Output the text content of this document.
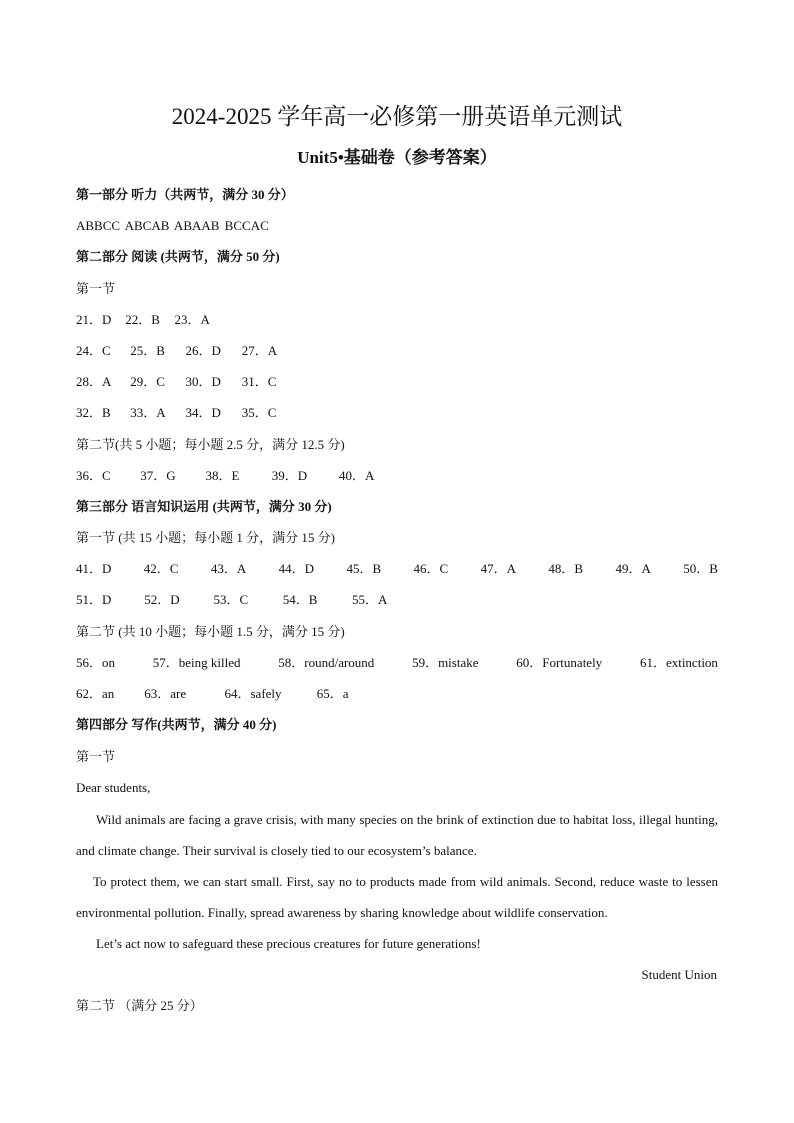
2024-2025 学年高一必修第一册英语单元测试
Unit5•基础卷（参考答案）
第一部分 听力（共两节，满分 30 分）
ABBCC ABCAB ABAAB BCCAC
第二部分 阅读 (共两节，满分 50 分)
第一节
21．D 22．B 23．A
24．C 25．B 26．D 27．A
28．A 29．C 30．D 31．C
32．B 33．A 34．D 35．C
第二节(共 5 小题；每小题 2.5 分，满分 12.5 分)
36．C 37．G 38．E 39．D 40．A
第三部分 语言知识运用 (共两节，满分 30 分)
第一节 (共 15 小题；每小题 1 分，满分 15 分)
41．D 42．C 43．A 44．D 45．B 46．C 47．A 48．B 49．A 50．B
51．D	52．D	53．C	54．B	55．A
第二节 (共 10 小题；每小题 1.5 分，满分 15 分)
56．on	57．being killed	58．round/around	59．mistake	60．Fortunately	61．extinction
62．an 63．are	64．safely	65．a
第四部分 写作(共两节，满分 40 分)
第一节
Dear students,
Wild animals are facing a grave crisis, with many species on the brink of extinction due to habitat loss, illegal hunting, and climate change. Their survival is closely tied to our ecosystem’s balance.
To protect them, we can start small. First, say no to products made from wild animals. Second, reduce waste to lessen environmental pollution. Finally, spread awareness by sharing knowledge about wildlife conservation.
Let’s act now to safeguard these precious creatures for future generations!
Student Union
第二节 （满分 25 分）
